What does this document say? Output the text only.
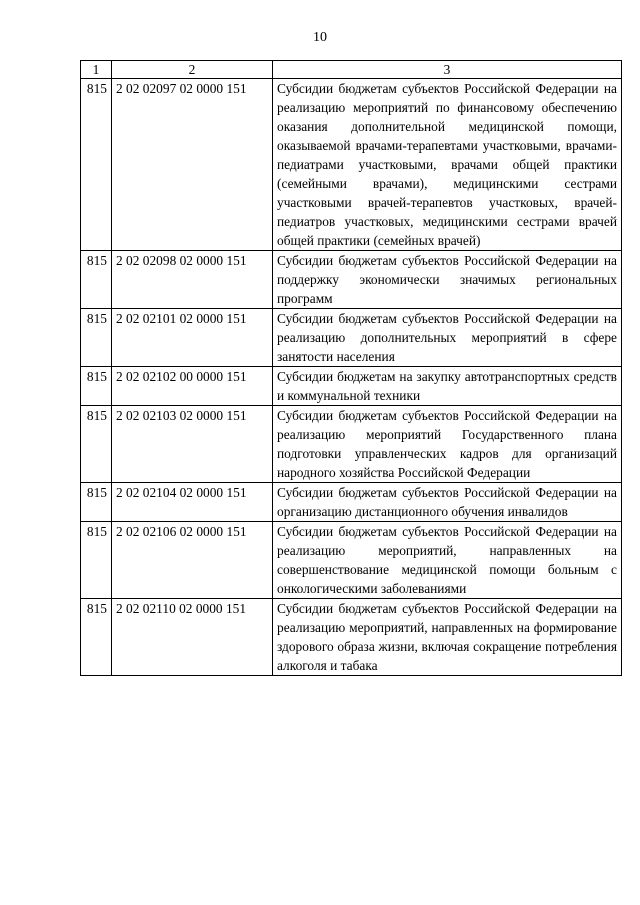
10
1	2	3
815	2 02 02097 02 0000 151	Субсидии бюджетам субъектов Российской Федерации на реализацию мероприятий по финансовому обеспечению оказания дополнительной медицинской помощи, оказываемой врачами-терапевтами участковыми, врачами-педиатрами участковыми, врачами общей практики (семейными врачами), медицинскими сестрами участковыми врачей-терапевтов участковых, врачей-педиатров участковых, медицинскими сестрами врачей общей практики (семейных врачей)
815	2 02 02098 02 0000 151	Субсидии бюджетам субъектов Российской Федерации на поддержку экономически значимых региональных программ
815	2 02 02101 02 0000 151	Субсидии бюджетам субъектов Российской Федерации на реализацию дополнительных мероприятий в сфере занятости населения
815	2 02 02102 00 0000 151	Субсидии бюджетам на закупку автотранспортных средств и коммунальной техники
815	2 02 02103 02 0000 151	Субсидии бюджетам субъектов Российской Федерации на реализацию мероприятий Государственного плана подготовки управленческих кадров для организаций народного хозяйства Российской Федерации
815	2 02 02104 02 0000 151	Субсидии бюджетам субъектов Российской Федерации на организацию дистанционного обучения инвалидов
815	2 02 02106 02 0000 151	Субсидии бюджетам субъектов Российской Федерации на реализацию мероприятий, направленных на совершенствование медицинской помощи больным с онкологическими заболеваниями
815	2 02 02110 02 0000 151	Субсидии бюджетам субъектов Российской Федерации на реализацию мероприятий, направленных на формирование здорового образа жизни, включая сокращение потребления алкоголя и табака
